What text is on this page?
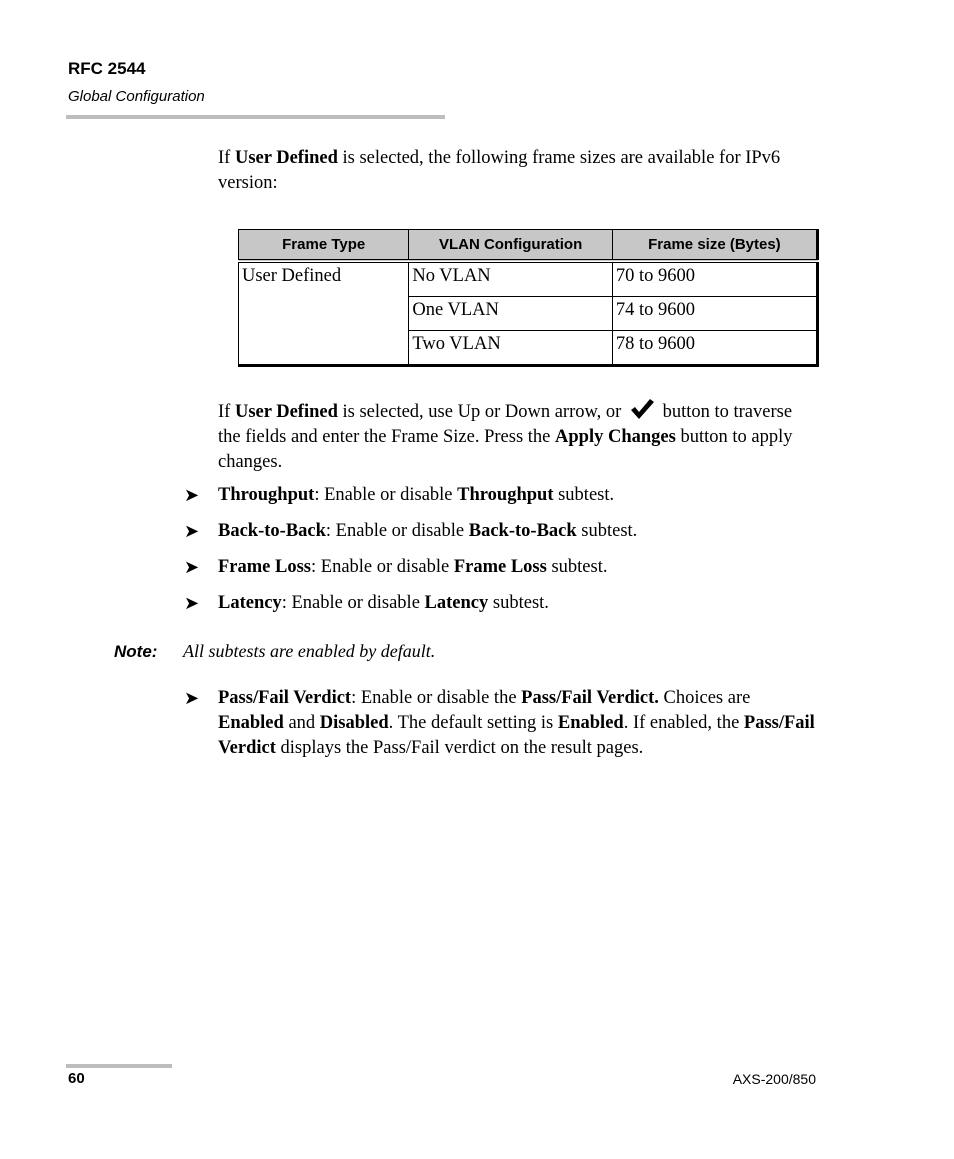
RFC 2544
Global Configuration
If User Defined is selected, the following frame sizes are available for IPv6 version:
Frame Type	VLAN Configuration	Frame size (Bytes)
User Defined	No VLAN	70 to 9600
	One VLAN	74 to 9600
	Two VLAN	78 to 9600
If User Defined is selected, use Up or Down arrow, or  button to traverse the fields and enter the Frame Size. Press the Apply Changes button to apply changes.
➤ Throughput: Enable or disable Throughput subtest.
➤ Back-to-Back: Enable or disable Back-to-Back subtest.
➤ Frame Loss: Enable or disable Frame Loss subtest.
➤ Latency: Enable or disable Latency subtest.
Note: All subtests are enabled by default.
➤ Pass/Fail Verdict: Enable or disable the Pass/Fail Verdict. Choices are Enabled and Disabled. The default setting is Enabled. If enabled, the Pass/Fail Verdict displays the Pass/Fail verdict on the result pages.
60	AXS-200/850
